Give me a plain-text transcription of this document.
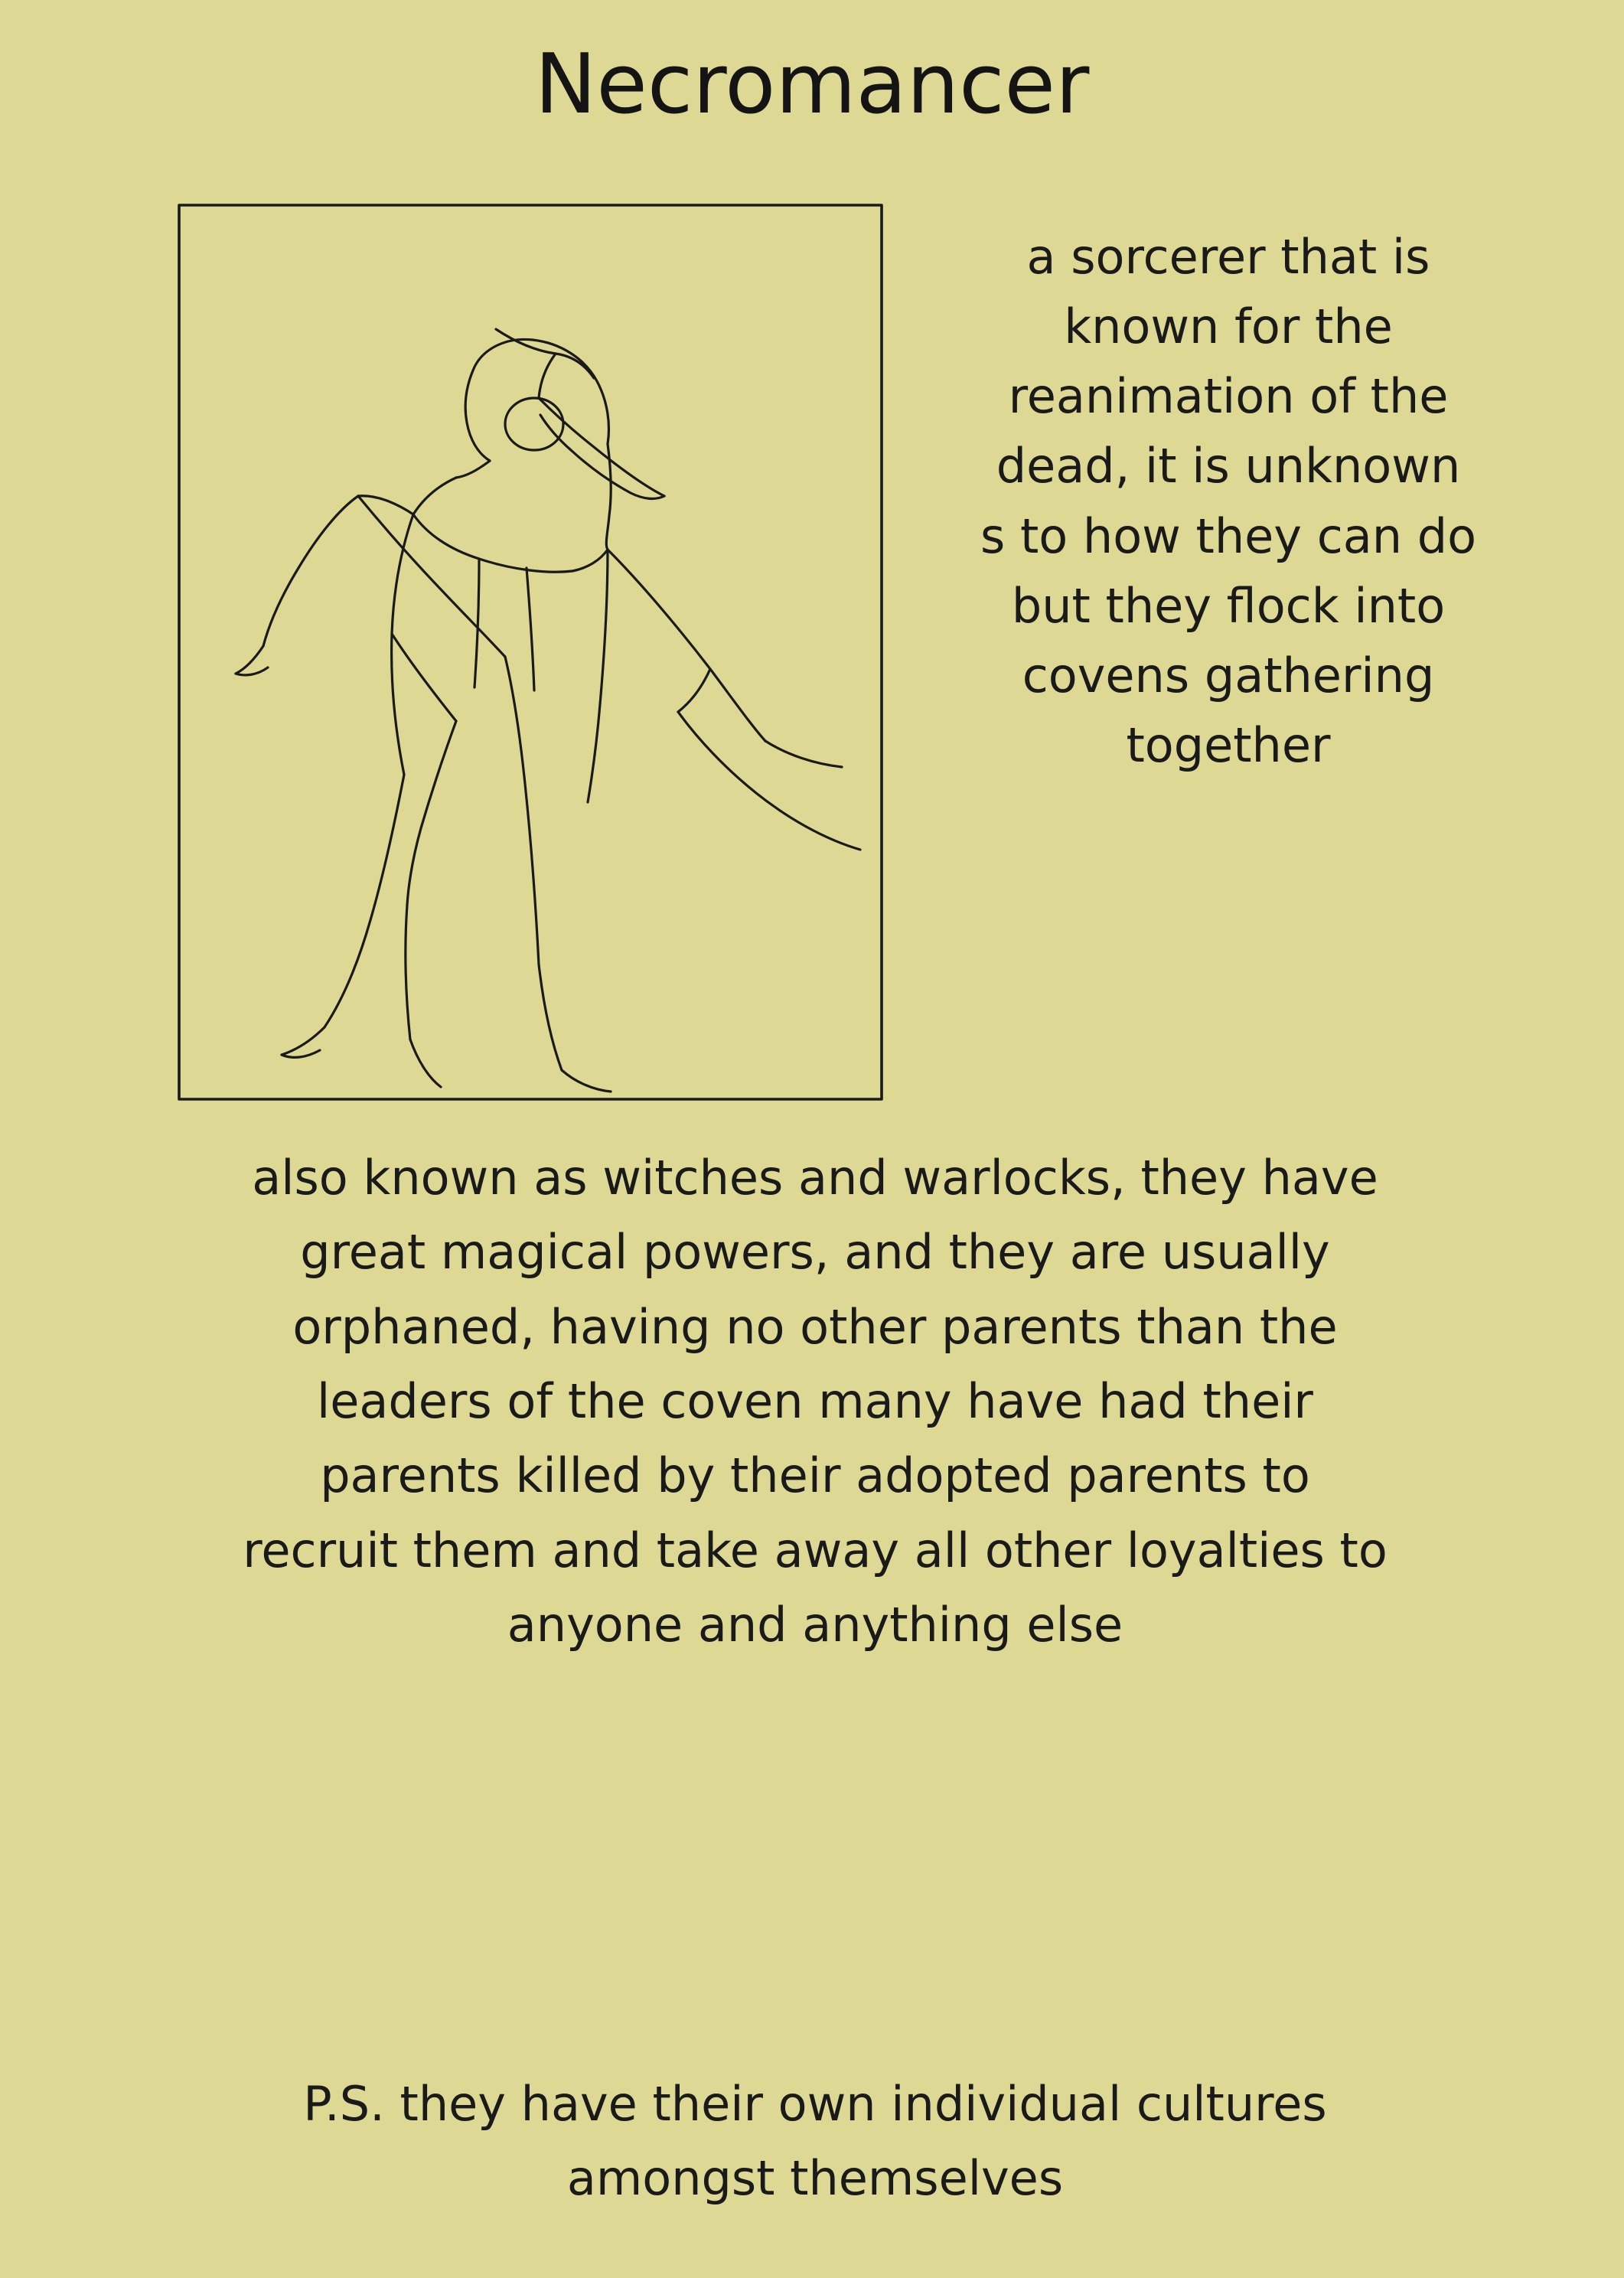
Necromancer
a sorcerer that is
known for the
reanimation of the
dead, it is unknown
s to how they can do
but they flock into
covens gathering
together
also known as witches and warlocks, they have
great magical powers, and they are usually
orphaned, having no other parents than the
leaders of the coven many have had their
parents killed by their adopted parents to
recruit them and take away all other loyalties to
anyone and anything else
P.S. they have their own individual cultures
amongst themselves
